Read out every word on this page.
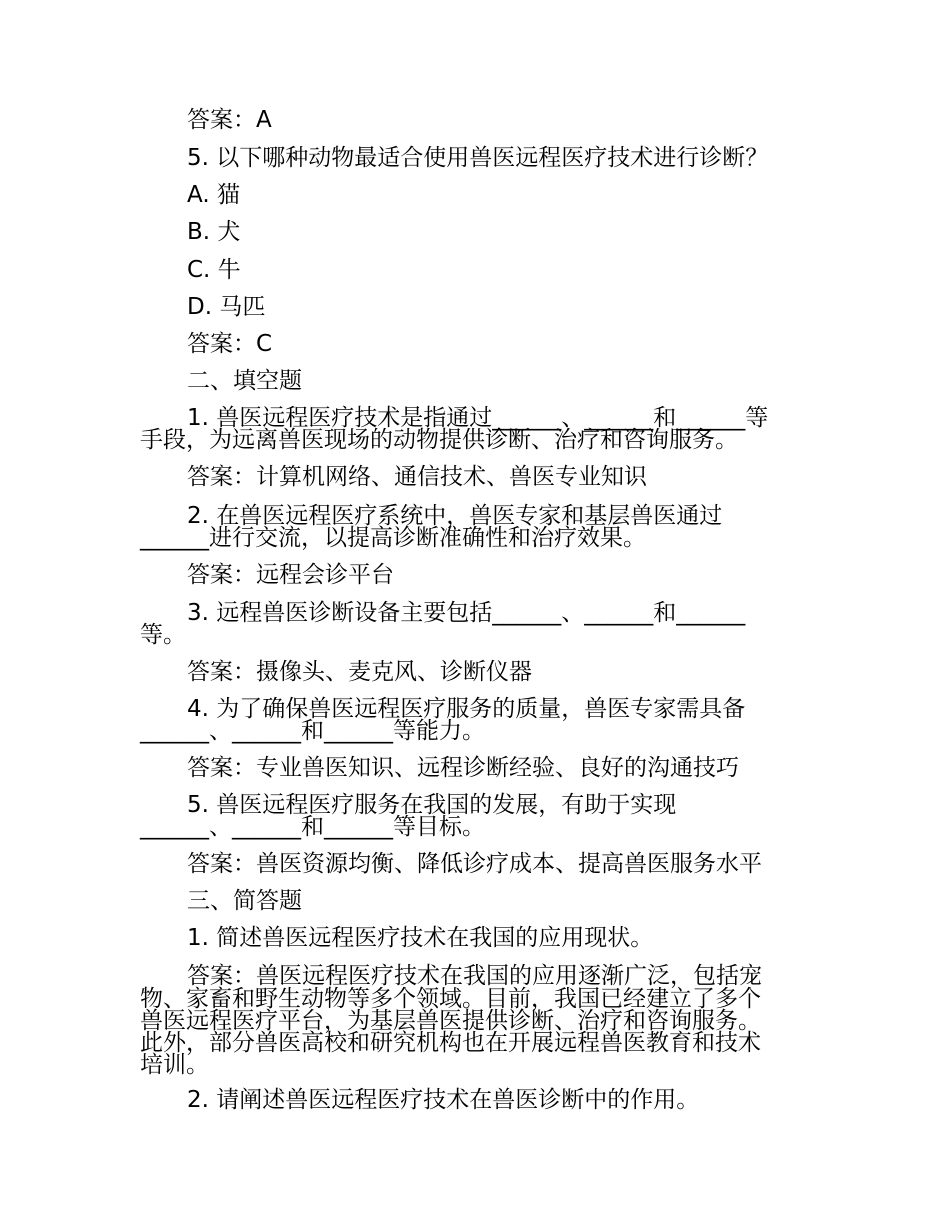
答案：A
5. 以下哪种动物最适合使用兽医远程医疗技术进行诊断？
A. 猫
B. 犬
C. 牛
D. 马匹
答案：C
二、填空题
1. 兽医远程医疗技术是指通过______、______和______等
手段，为远离兽医现场的动物提供诊断、治疗和咨询服务。
答案：计算机网络、通信技术、兽医专业知识
2. 在兽医远程医疗系统中，兽医专家和基层兽医通过
______进行交流，以提高诊断准确性和治疗效果。
答案：远程会诊平台
3. 远程兽医诊断设备主要包括______、______和______
等。
答案：摄像头、麦克风、诊断仪器
4. 为了确保兽医远程医疗服务的质量，兽医专家需具备
______、______和______等能力。
答案：专业兽医知识、远程诊断经验、良好的沟通技巧
5. 兽医远程医疗服务在我国的发展，有助于实现
______、______和______等目标。
答案：兽医资源均衡、降低诊疗成本、提高兽医服务水平
三、简答题
1. 简述兽医远程医疗技术在我国的应用现状。
答案：兽医远程医疗技术在我国的应用逐渐广泛，包括宠
物、家畜和野生动物等多个领域。目前，我国已经建立了多个
兽医远程医疗平台，为基层兽医提供诊断、治疗和咨询服务。
此外，部分兽医高校和研究机构也在开展远程兽医教育和技术
培训。
2. 请阐述兽医远程医疗技术在兽医诊断中的作用。
